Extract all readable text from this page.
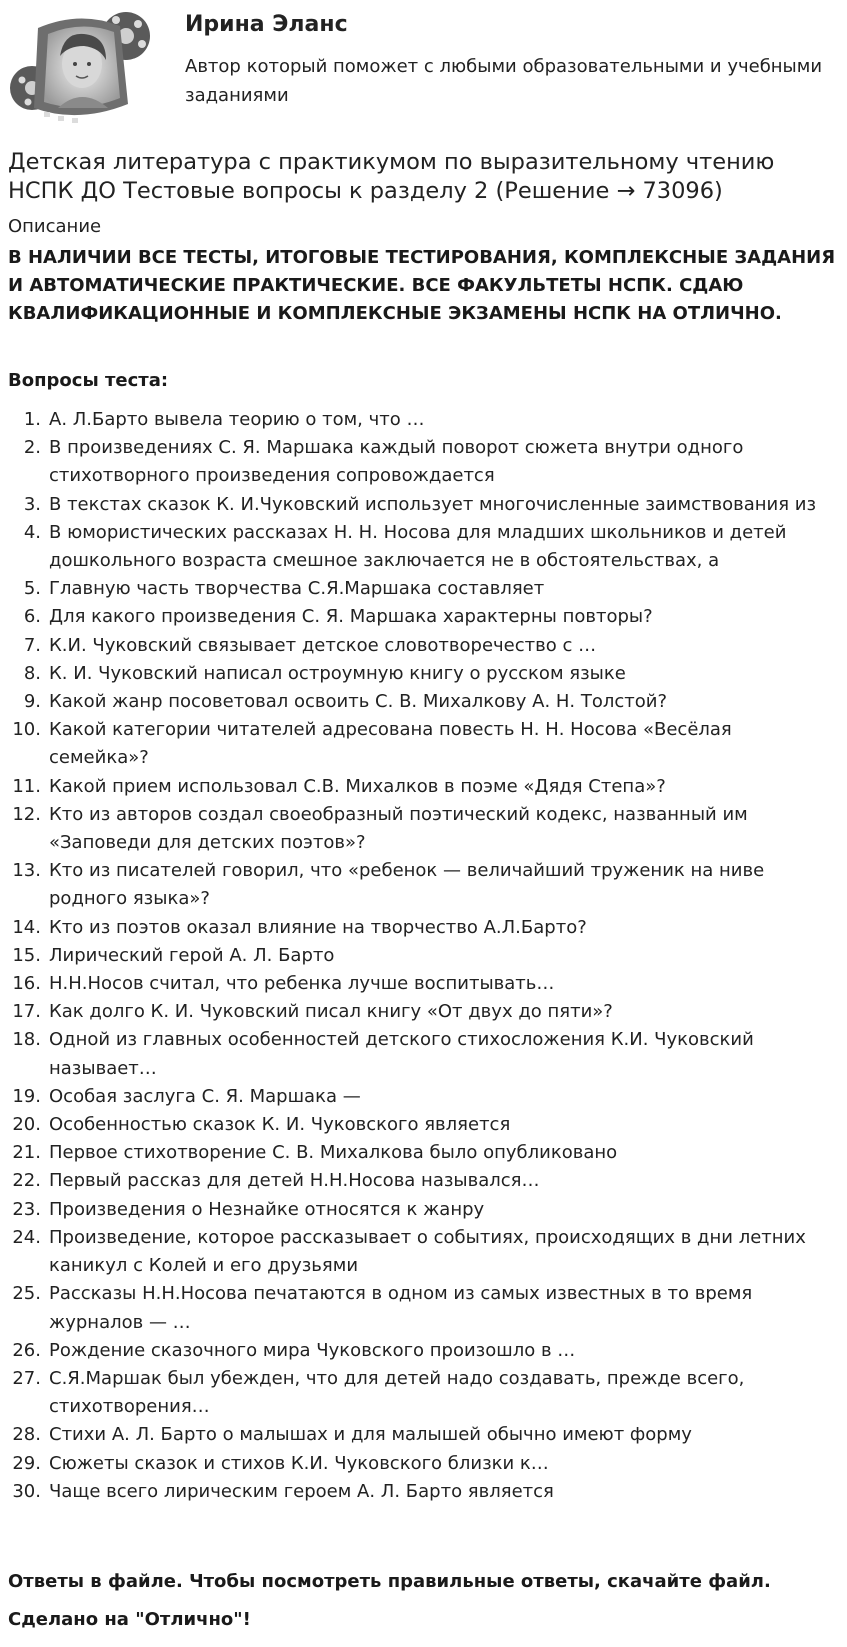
Ирина Эланс
Автор который поможет с любыми образовательными и учебными заданиями
Детская литература с практикумом по выразительному чтению НСПК ДО Тестовые вопросы к разделу 2 (Решение → 73096)
Описание
В НАЛИЧИИ ВСЕ ТЕСТЫ, ИТОГОВЫЕ ТЕСТИРОВАНИЯ, КОМПЛЕКСНЫЕ ЗАДАНИЯ И АВТОМАТИЧЕСКИЕ ПРАКТИЧЕСКИЕ. ВСЕ ФАКУЛЬТЕТЫ НСПК. СДАЮ КВАЛИФИКАЦИОННЫЕ И КОМПЛЕКСНЫЕ ЭКЗАМЕНЫ НСПК НА ОТЛИЧНО.
Вопросы теста:
1. А. Л.Барто вывела теорию о том, что …
2. В произведениях С. Я. Маршака каждый поворот сюжета внутри одного стихотворного произведения сопровождается
3. В текстах сказок К. И.Чуковский использует многочисленные заимствования из
4. В юмористических рассказах Н. Н. Носова для младших школьников и детей дошкольного возраста смешное заключается не в обстоятельствах, а
5. Главную часть творчества С.Я.Маршака составляет
6. Для какого произведения С. Я. Маршака характерны повторы?
7. К.И. Чуковский связывает детское словотворечество с …
8. К. И. Чуковский написал остроумную книгу о русском языке
9. Какой жанр посоветовал освоить С. В. Михалкову А. Н. Толстой?
10. Какой категории читателей адресована повесть Н. Н. Носова «Весёлая семейка»?
11. Какой прием использовал С.В. Михалков в поэме «Дядя Степа»?
12. Кто из авторов создал своеобразный поэтический кодекс, названный им «Заповеди для детских поэтов»?
13. Кто из писателей говорил, что «ребенок — величайший труженик на ниве родного языка»?
14. Кто из поэтов оказал влияние на творчество А.Л.Барто?
15. Лирический герой А. Л. Барто
16. Н.Н.Носов считал, что ребенка лучше воспитывать…
17. Как долго К. И. Чуковский писал книгу «От двух до пяти»?
18. Одной из главных особенностей детского стихосложения К.И. Чуковский называет…
19. Особая заслуга С. Я. Маршака —
20. Особенностью сказок К. И. Чуковского является
21. Первое стихотворение С. В. Михалкова было опубликовано
22. Первый рассказ для детей Н.Н.Носова назывался…
23. Произведения о Незнайке относятся к жанру
24. Произведение, которое рассказывает о событиях, происходящих в дни летних каникул с Колей и его друзьями
25. Рассказы Н.Н.Носова печатаются в одном из самых известных в то время журналов — …
26. Рождение сказочного мира Чуковского произошло в …
27. С.Я.Маршак был убежден, что для детей надо создавать, прежде всего, стихотворения…
28. Стихи А. Л. Барто о малышах и для малышей обычно имеют форму
29. Сюжеты сказок и стихов К.И. Чуковского близки к…
30. Чаще всего лирическим героем А. Л. Барто является
Ответы в файле. Чтобы посмотреть правильные ответы, скачайте файл.
Сделано на "Отлично"!
